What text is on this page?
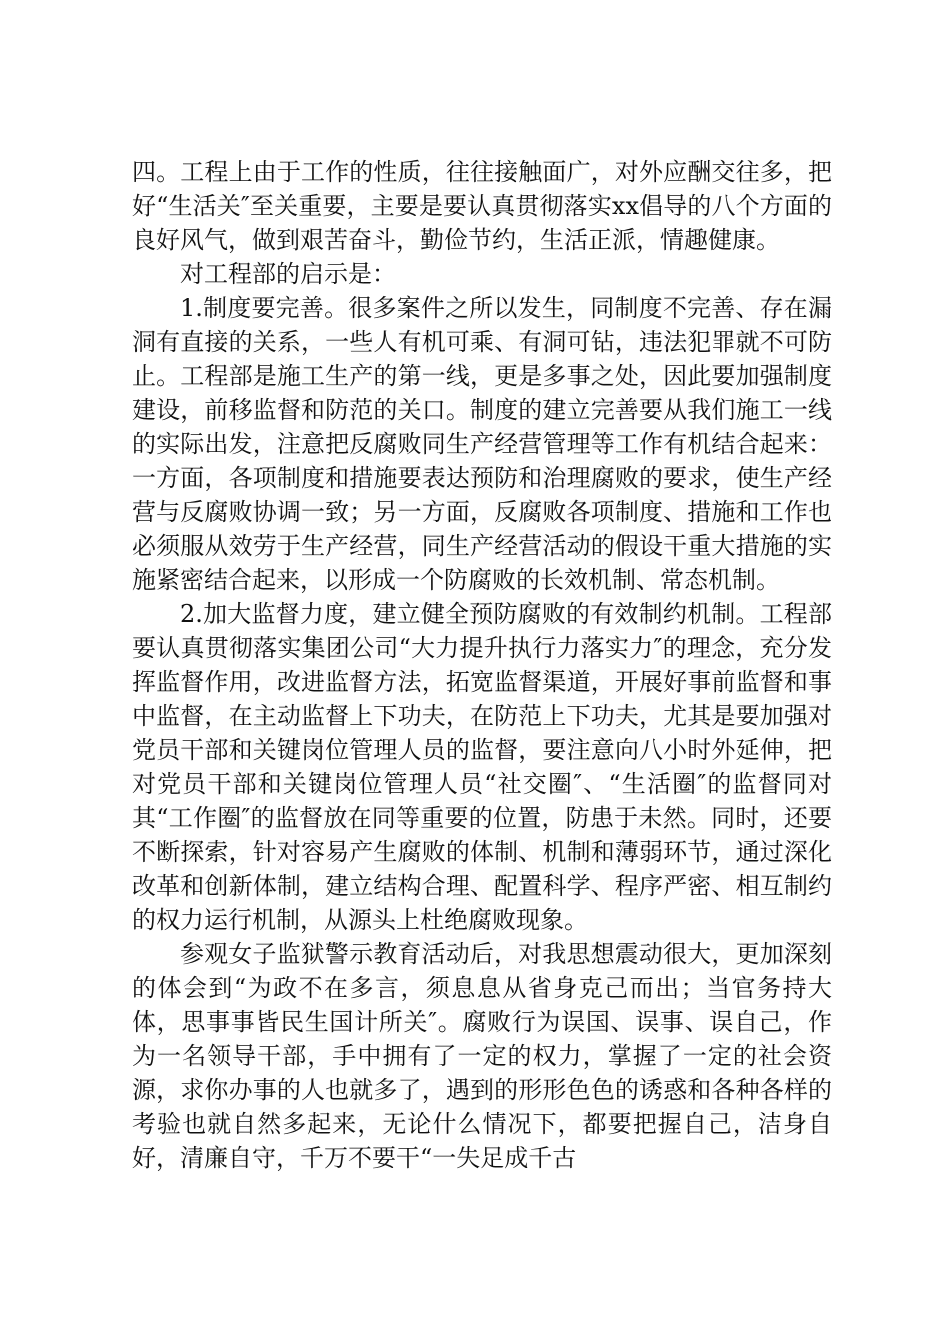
四。工程上由于工作的性质，往往接触面广，对外应酬交往多，把好“生活关″至关重要，主要是要认真贯彻落实xx倡导的八个方面的良好风气，做到艰苦奋斗，勤俭节约，生活正派，情趣健康。

对工程部的启示是：

1.制度要完善。很多案件之所以发生，同制度不完善、存在漏洞有直接的关系，一些人有机可乘、有洞可钻，违法犯罪就不可防止。工程部是施工生产的第一线，更是多事之处，因此要加强制度建设，前移监督和防范的关口。制度的建立完善要从我们施工一线的实际出发，注意把反腐败同生产经营管理等工作有机结合起来：一方面，各项制度和措施要表达预防和治理腐败的要求，使生产经营与反腐败协调一致；另一方面，反腐败各项制度、措施和工作也必须服从效劳于生产经营，同生产经营活动的假设干重大措施的实施紧密结合起来，以形成一个防腐败的长效机制、常态机制。

2.加大监督力度，建立健全预防腐败的有效制约机制。工程部要认真贯彻落实集团公司“大力提升执行力落实力″的理念，充分发挥监督作用，改进监督方法，拓宽监督渠道，开展好事前监督和事中监督，在主动监督上下功夫，在防范上下功夫，尤其是要加强对党员干部和关键岗位管理人员的监督，要注意向八小时外延伸，把对党员干部和关键岗位管理人员“社交圈″、“生活圈″的监督同对其“工作圈″的监督放在同等重要的位置，防患于未然。同时，还要不断探索，针对容易产生腐败的体制、机制和薄弱环节，通过深化改革和创新体制，建立结构合理、配置科学、程序严密、相互制约的权力运行机制，从源头上杜绝腐败现象。

参观女子监狱警示教育活动后，对我思想震动很大，更加深刻的体会到“为政不在多言，须息息从省身克己而出；当官务持大体，思事事皆民生国计所关″。腐败行为误国、误事、误自己，作为一名领导干部，手中拥有了一定的权力，掌握了一定的社会资源，求你办事的人也就多了，遇到的形形色色的诱惑和各种各样的考验也就自然多起来，无论什么情况下，都要把握自己，洁身自好，清廉自守，千万不要干“一失足成千古
